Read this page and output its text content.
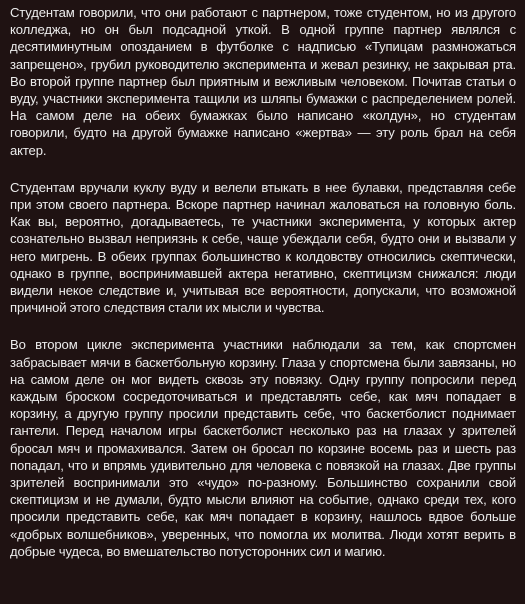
Студентам говорили, что они работают с партнером, тоже студентом, но из другого колледжа, но он был подсадной уткой. В одной группе партнер являлся с десятиминутным опозданием в футболке с надписью «Тупицам размножаться запрещено», грубил руководителю эксперимента и жевал резинку, не закрывая рта. Во второй группе партнер был приятным и вежливым человеком. Почитав статьи о вуду, участники эксперимента тащили из шляпы бумажки с распределением ролей. На самом деле на обеих бумажках было написано «колдун», но студентам говорили, будто на другой бумажке написано «жертва» — эту роль брал на себя актер.

Студентам вручали куклу вуду и велели втыкать в нее булавки, представляя себе при этом своего партнера. Вскоре партнер начинал жаловаться на головную боль. Как вы, вероятно, догадываетесь, те участники эксперимента, у которых актер сознательно вызвал неприязнь к себе, чаще убеждали себя, будто они и вызвали у него мигрень. В обеих группах большинство к колдовству относились скептически, однако в группе, воспринимавшей актера негативно, скептицизм снижался: люди видели некое следствие и, учитывая все вероятности, допускали, что возможной причиной этого следствия стали их мысли и чувства.

Во втором цикле эксперимента участники наблюдали за тем, как спортсмен забрасывает мячи в баскетбольную корзину. Глаза у спортсмена были завязаны, но на самом деле он мог видеть сквозь эту повязку. Одну группу попросили перед каждым броском сосредоточиваться и представлять себе, как мяч попадает в корзину, а другую группу просили представить себе, что баскетболист поднимает гантели. Перед началом игры баскетболист несколько раз на глазах у зрителей бросал мяч и промахивался. Затем он бросал по корзине восемь раз и шесть раз попадал, что и впрямь удивительно для человека с повязкой на глазах. Две группы зрителей воспринимали это «чудо» по-разному. Большинство сохранили свой скептицизм и не думали, будто мысли влияют на событие, однако среди тех, кого просили представить себе, как мяч попадает в корзину, нашлось вдвое больше «добрых волшебников», уверенных, что помогла их молитва. Люди хотят верить в добрые чудеса, во вмешательство потусторонних сил и магию.
